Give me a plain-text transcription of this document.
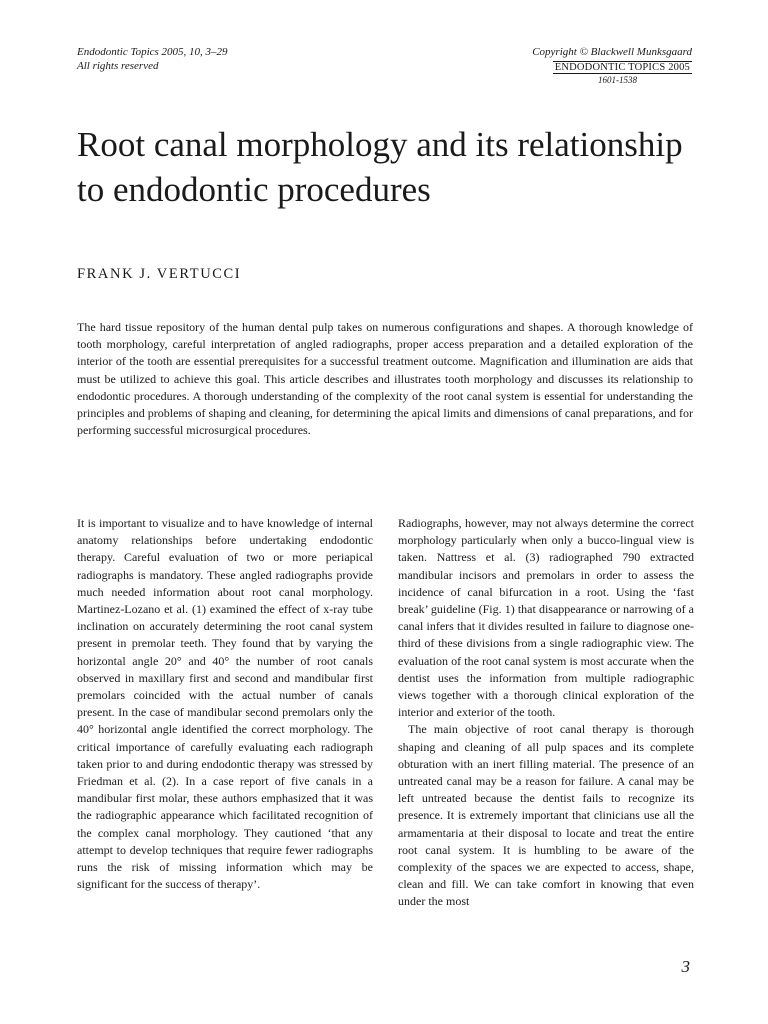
Endodontic Topics 2005, 10, 3–29
All rights reserved
Copyright © Blackwell Munksgaard
ENDODONTIC TOPICS 2005
1601-1538
Root canal morphology and its relationship to endodontic procedures
FRANK J. VERTUCCI

The hard tissue repository of the human dental pulp takes on numerous configurations and shapes. A thorough knowledge of tooth morphology, careful interpretation of angled radiographs, proper access preparation and a detailed exploration of the interior of the tooth are essential prerequisites for a successful treatment outcome. Magnification and illumination are aids that must be utilized to achieve this goal. This article describes and illustrates tooth morphology and discusses its relationship to endodontic procedures. A thorough understanding of the complexity of the root canal system is essential for understanding the principles and problems of shaping and cleaning, for determining the apical limits and dimensions of canal preparations, and for performing successful microsurgical procedures.

It is important to visualize and to have knowledge of internal anatomy relationships before undertaking endodontic therapy. Careful evaluation of two or more periapical radiographs is mandatory. These angled radiographs provide much needed information about root canal morphology. Martinez-Lozano et al. (1) examined the effect of x-ray tube inclination on accurately determining the root canal system present in premolar teeth. They found that by varying the horizontal angle 20° and 40° the number of root canals observed in maxillary first and second and mandibular first premolars coincided with the actual number of canals present. In the case of mandibular second premolars only the 40° horizontal angle identified the correct morphology. The critical importance of carefully evaluating each radiograph taken prior to and during endodontic therapy was stressed by Friedman et al. (2). In a case report of five canals in a mandibular first molar, these authors emphasized that it was the radiographic appearance which facilitated recognition of the complex canal morphology. They cautioned ‘that any attempt to develop techniques that require fewer radiographs runs the risk of missing information which may be significant for the success of therapy’.

Radiographs, however, may not always determine the correct morphology particularly when only a bucco-lingual view is taken. Nattress et al. (3) radiographed 790 extracted mandibular incisors and premolars in order to assess the incidence of canal bifurcation in a root. Using the ‘fast break’ guideline (Fig. 1) that disappearance or narrowing of a canal infers that it divides resulted in failure to diagnose one-third of these divisions from a single radiographic view. The evaluation of the root canal system is most accurate when the dentist uses the information from multiple radiographic views together with a thorough clinical exploration of the interior and exterior of the tooth.

The main objective of root canal therapy is thorough shaping and cleaning of all pulp spaces and its complete obturation with an inert filling material. The presence of an untreated canal may be a reason for failure. A canal may be left untreated because the dentist fails to recognize its presence. It is extremely important that clinicians use all the armamentaria at their disposal to locate and treat the entire root canal system. It is humbling to be aware of the complexity of the spaces we are expected to access, shape, clean and fill. We can take comfort in knowing that even under the most

3
